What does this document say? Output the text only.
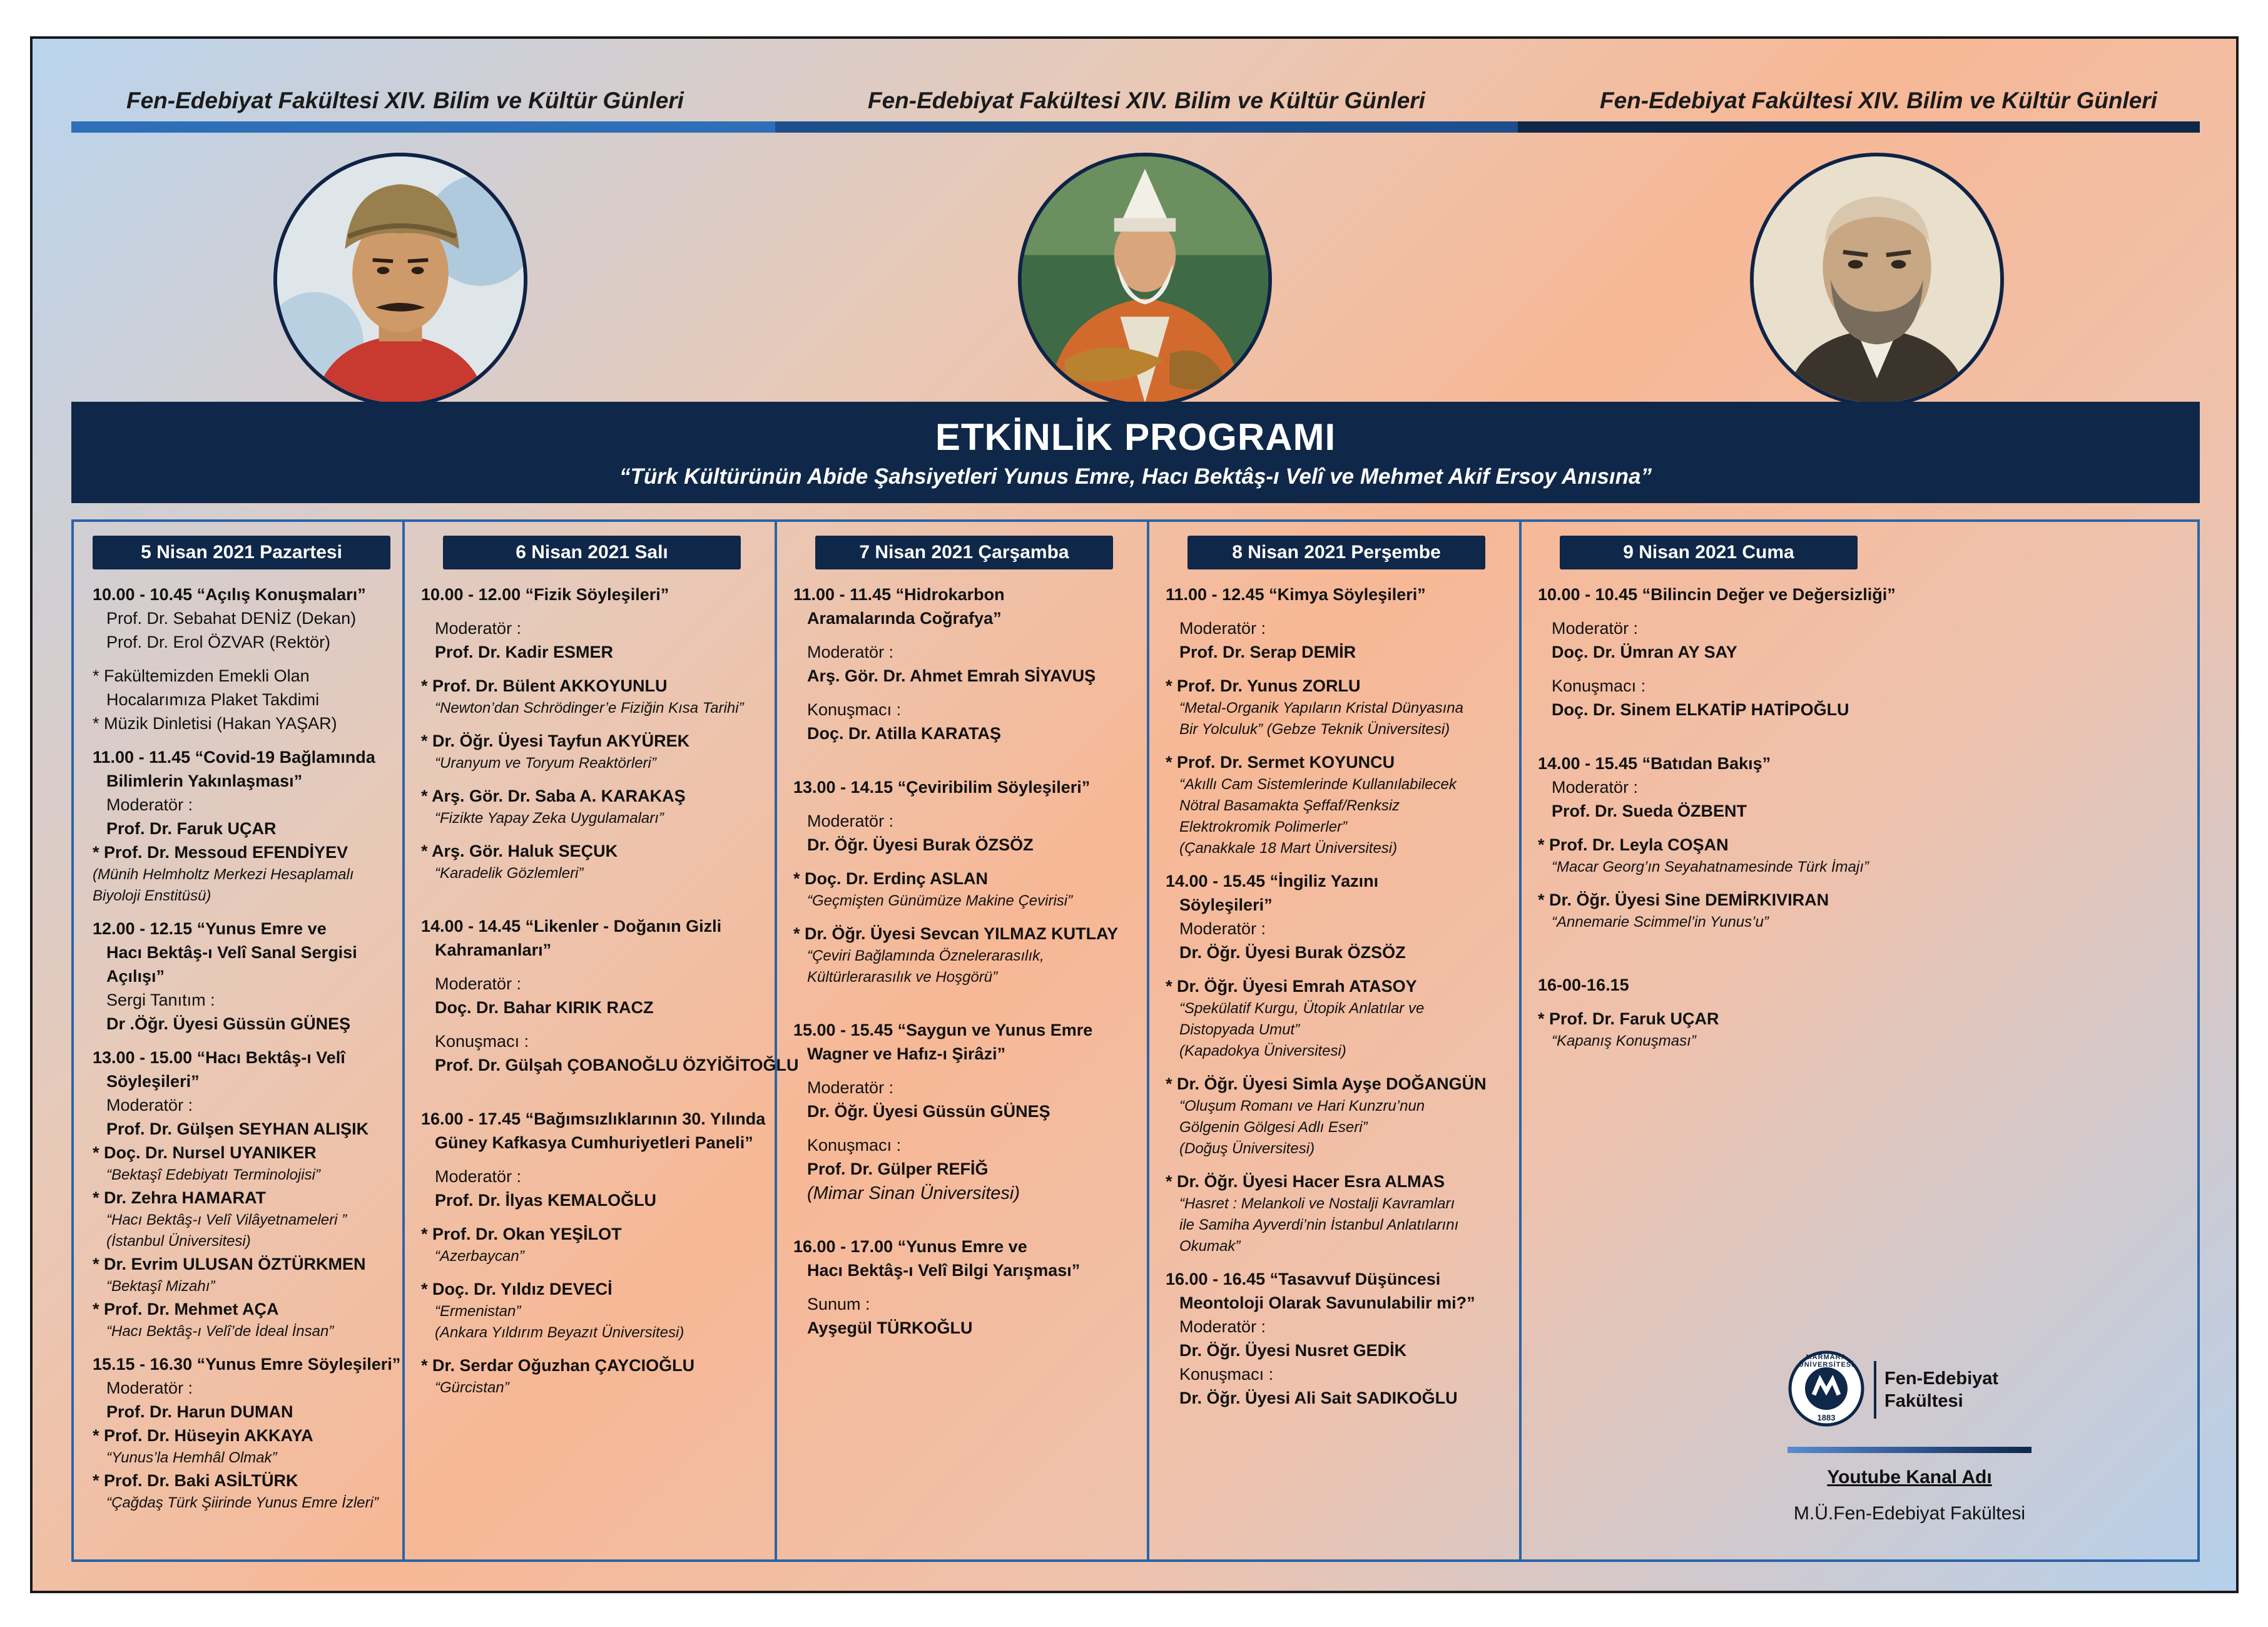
Fen-Edebiyat Fakültesi XIV. Bilim ve Kültür Günleri	Fen-Edebiyat Fakültesi XIV. Bilim ve Kültür Günleri	Fen-Edebiyat Fakültesi XIV. Bilim ve Kültür Günleri
ETKİNLİK PROGRAMI
“Türk Kültürünün Abide Şahsiyetleri Yunus Emre, Hacı Bektâş-ı Velî ve Mehmet Akif Ersoy Anısına”
5 Nisan 2021 Pazartesi
10.00 - 10.45 “Açılış Konuşmaları”
Prof. Dr. Sebahat DENİZ (Dekan)
Prof. Dr. Erol ÖZVAR (Rektör)
* Fakültemizden Emekli Olan
Hocalarımıza Plaket Takdimi
* Müzik Dinletisi (Hakan YAŞAR)
11.00 - 11.45 “Covid-19 Bağlamında
Bilimlerin Yakınlaşması”
Moderatör :
Prof. Dr. Faruk UÇAR
* Prof. Dr. Messoud EFENDİYEV
(Münih Helmholtz Merkezi Hesaplamalı
Biyoloji Enstitüsü)
12.00 - 12.15 “Yunus Emre ve
Hacı Bektâş-ı Velî Sanal Sergisi
Açılışı”
Sergi Tanıtım :
Dr .Öğr. Üyesi Güssün GÜNEŞ
13.00 - 15.00 “Hacı Bektâş-ı Velî
Söyleşileri”
Moderatör :
Prof. Dr. Gülşen SEYHAN ALIŞIK
* Doç. Dr. Nursel UYANIKER
“Bektaşî Edebiyatı Terminolojisi”
* Dr. Zehra HAMARAT
“Hacı Bektâş-ı Velî Vilâyetnameleri ”
(İstanbul Üniversitesi)
* Dr. Evrim ULUSAN ÖZTÜRKMEN
“Bektaşî Mizahı”
* Prof. Dr. Mehmet AÇA
“Hacı Bektâş-ı Velî’de İdeal İnsan”
15.15 - 16.30 “Yunus Emre Söyleşileri”
Moderatör :
Prof. Dr. Harun DUMAN
* Prof. Dr. Hüseyin AKKAYA
“Yunus’la Hemhâl Olmak”
* Prof. Dr. Baki ASİLTÜRK
“Çağdaş Türk Şiirinde Yunus Emre İzleri”
6 Nisan 2021 Salı
10.00 - 12.00 “Fizik Söyleşileri”
Moderatör :
Prof. Dr. Kadir ESMER
* Prof. Dr. Bülent AKKOYUNLU
“Newton’dan Schrödinger’e Fiziğin Kısa Tarihi”
* Dr. Öğr. Üyesi Tayfun AKYÜREK
“Uranyum ve Toryum Reaktörleri”
* Arş. Gör. Dr. Saba A. KARAKAŞ
“Fizikte Yapay Zeka Uygulamaları”
* Arş. Gör. Haluk SEÇUK
“Karadelik Gözlemleri”
14.00 - 14.45 “Likenler - Doğanın Gizli
Kahramanları”
Moderatör :
Doç. Dr. Bahar KIRIK RACZ
Konuşmacı :
Prof. Dr. Gülşah ÇOBANOĞLU ÖZYİĞİTOĞLU
16.00 - 17.45 “Bağımsızlıklarının 30. Yılında
Güney Kafkasya Cumhuriyetleri Paneli”
Moderatör :
Prof. Dr. İlyas KEMALOĞLU
* Prof. Dr. Okan YEŞİLOT
“Azerbaycan”
* Doç. Dr. Yıldız DEVECİ
“Ermenistan”
(Ankara Yıldırım Beyazıt Üniversitesi)
* Dr. Serdar Oğuzhan ÇAYCIOĞLU
“Gürcistan”
7 Nisan 2021 Çarşamba
11.00 - 11.45 “Hidrokarbon
Aramalarında Coğrafya”
Moderatör :
Arş. Gör. Dr. Ahmet Emrah SİYAVUŞ
Konuşmacı :
Doç. Dr. Atilla KARATAŞ
13.00 - 14.15 “Çeviribilim Söyleşileri”
Moderatör :
Dr. Öğr. Üyesi Burak ÖZSÖZ
* Doç. Dr. Erdinç ASLAN
“Geçmişten Günümüze Makine Çevirisi”
* Dr. Öğr. Üyesi Sevcan YILMAZ KUTLAY
“Çeviri Bağlamında Öznelerarasılık,
Kültürlerarasılık ve Hoşgörü”
15.00 - 15.45 “Saygun ve Yunus Emre
Wagner ve Hafız-ı Şirâzi”
Moderatör :
Dr. Öğr. Üyesi Güssün GÜNEŞ
Konuşmacı :
Prof. Dr. Gülper REFİĞ
(Mimar Sinan Üniversitesi)
16.00 - 17.00 “Yunus Emre ve
Hacı Bektâş-ı Velî Bilgi Yarışması”
Sunum :
Ayşegül TÜRKOĞLU
8 Nisan 2021 Perşembe
11.00 - 12.45 “Kimya Söyleşileri”
Moderatör :
Prof. Dr. Serap DEMİR
* Prof. Dr. Yunus ZORLU
“Metal-Organik Yapıların Kristal Dünyasına
Bir Yolculuk” (Gebze Teknik Üniversitesi)
* Prof. Dr. Sermet KOYUNCU
“Akıllı Cam Sistemlerinde Kullanılabilecek
Nötral Basamakta Şeffaf/Renksiz
Elektrokromik Polimerler”
(Çanakkale 18 Mart Üniversitesi)
14.00 - 15.45 “İngiliz Yazını
Söyleşileri”
Moderatör :
Dr. Öğr. Üyesi Burak ÖZSÖZ
* Dr. Öğr. Üyesi Emrah ATASOY
“Spekülatif Kurgu, Ütopik Anlatılar ve
Distopyada Umut”
(Kapadokya Üniversitesi)
* Dr. Öğr. Üyesi Simla Ayşe DOĞANGÜN
“Oluşum Romanı ve Hari Kunzru’nun
Gölgenin Gölgesi Adlı Eseri”
(Doğuş Üniversitesi)
* Dr. Öğr. Üyesi Hacer Esra ALMAS
“Hasret : Melankoli ve Nostalji Kavramları
ile Samiha Ayverdi’nin İstanbul Anlatılarını
Okumak”
16.00 - 16.45 “Tasavvuf Düşüncesi
Meontoloji Olarak Savunulabilir mi?”
Moderatör :
Dr. Öğr. Üyesi Nusret GEDİK
Konuşmacı :
Dr. Öğr. Üyesi Ali Sait SADIKOĞLU
9 Nisan 2021 Cuma
10.00 - 10.45 “Bilincin Değer ve Değersizliği”
Moderatör :
Doç. Dr. Ümran AY SAY
Konuşmacı :
Doç. Dr. Sinem ELKATİP HATİPOĞLU
14.00 - 15.45 “Batıdan Bakış”
Moderatör :
Prof. Dr. Sueda ÖZBENT
* Prof. Dr. Leyla COŞAN
“Macar Georg’ın Seyahatnamesinde Türk İmajı”
* Dr. Öğr. Üyesi Sine DEMİRKIVIRAN
“Annemarie Scimmel’in Yunus’u”
16-00-16.15
* Prof. Dr. Faruk UÇAR
“Kapanış Konuşması”
MARMARA ÜNİVERSİTESİ
1883
Fen-Edebiyat
Fakültesi
Youtube Kanal Adı
M.Ü.Fen-Edebiyat Fakültesi
